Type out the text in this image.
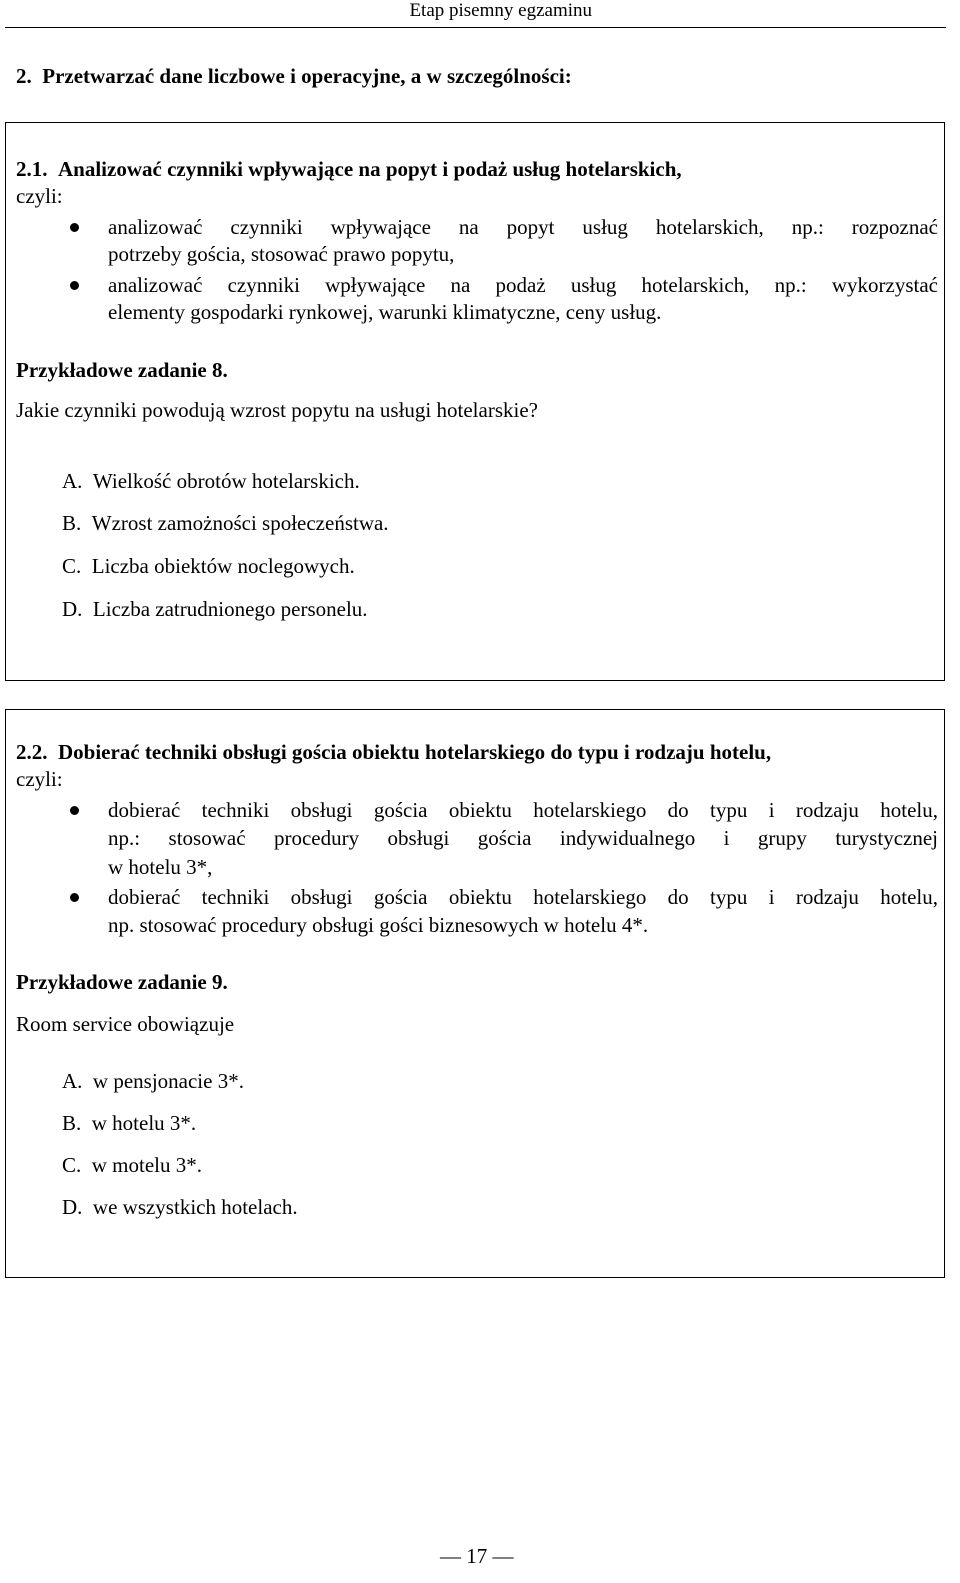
Etap pisemny egzaminu
2.  Przetwarzać dane liczbowe i operacyjne, a w szczególności:
2.1.  Analizować czynniki wpływające na popyt i podaż usług hotelarskich,
czyli:
analizować czynniki wpływające na popyt usług hotelarskich, np.: rozpoznać
potrzeby gościa, stosować prawo popytu,
analizować czynniki wpływające na podaż usług hotelarskich, np.: wykorzystać
elementy gospodarki rynkowej, warunki klimatyczne, ceny usług.
Przykładowe zadanie 8.
Jakie czynniki powodują wzrost popytu na usługi hotelarskie?
A.  Wielkość obrotów hotelarskich.
B.  Wzrost zamożności społeczeństwa.
C.  Liczba obiektów noclegowych.
D.  Liczba zatrudnionego personelu.
2.2.  Dobierać techniki obsługi gościa obiektu hotelarskiego do typu i rodzaju hotelu,
czyli:
dobierać techniki obsługi gościa obiektu hotelarskiego do typu i rodzaju hotelu,
np.: stosować procedury obsługi gościa indywidualnego i grupy turystycznej
w hotelu 3*,
dobierać techniki obsługi gościa obiektu hotelarskiego do typu i rodzaju hotelu,
np. stosować procedury obsługi gości biznesowych w hotelu 4*.
Przykładowe zadanie 9.
Room service obowiązuje
A.  w pensjonacie 3*.
B.  w hotelu 3*.
C.  w motelu 3*.
D.  we wszystkich hotelach.
— 17 —
